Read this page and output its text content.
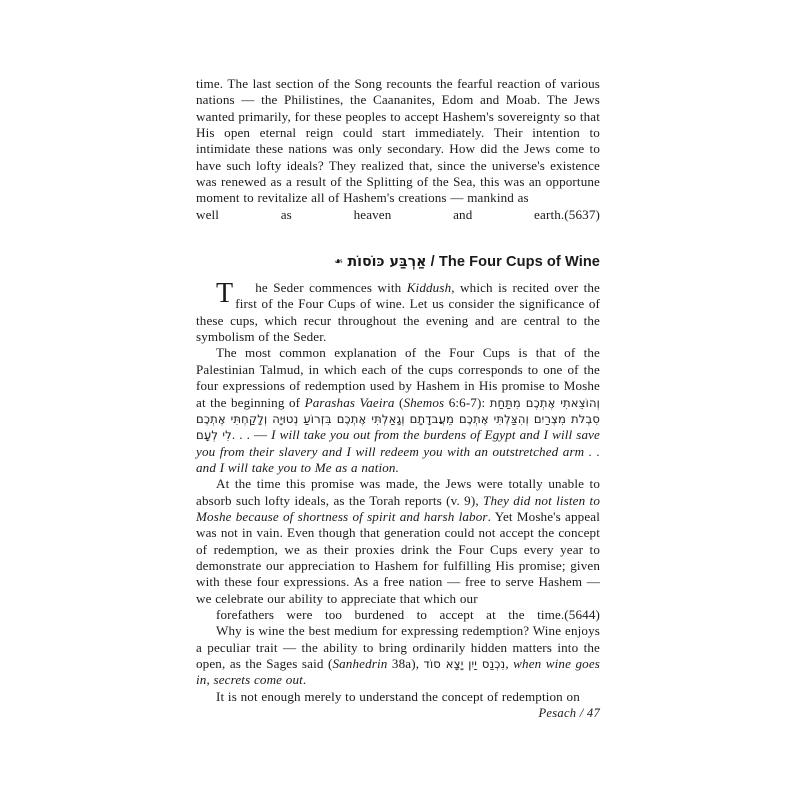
time. The last section of the Song recounts the fearful reaction of various nations — the Philistines, the Caananites, Edom and Moab. The Jews wanted primarily, for these peoples to accept Hashem's sovereignty so that His open eternal reign could start immediately. Their intention to intimidate these nations was only secondary. How did the Jews come to have such lofty ideals? They realized that, since the universe's existence was renewed as a result of the Splitting of the Sea, this was an opportune moment to revitalize all of Hashem's creations — mankind as
well as heaven and earth.(5637)

❧ אַרְבַּע כּוֹסוֹת / The Four Cups of Wine

T he Seder commences with Kiddush, which is recited over the first of the Four Cups of wine. Let us consider the significance of these cups, which recur throughout the evening and are central to the symbolism of the Seder.

The most common explanation of the Four Cups is that of the Palestinian Talmud, in which each of the cups corresponds to one of the four expressions of redemption used by Hashem in His promise to Moshe at the beginning of Parashas Vaeira (Shemos 6:6-7): וְהוֹצֵאתִי אֶתְכֶם מִתַּחַת סִבְלת מִצְרַיִם וְהִצַּלְתִּי אֶתְכֶם מֵעֲבדָתָם וְגָאַלְתִּי אֶתְכֶם בִּזְרוֹעַ נְטוּיָה וְלָקַחְתִּי אֶתְכֶם לִי לְעָם. . . — I will take you out from the burdens of Egypt and I will save you from their slavery and I will redeem you with an outstretched arm . . and I will take you to Me as a nation.

At the time this promise was made, the Jews were totally unable to absorb such lofty ideals, as the Torah reports (v. 9), They did not listen to Moshe because of shortness of spirit and harsh labor. Yet Moshe's appeal was not in vain. Even though that generation could not accept the concept of redemption, we as their proxies drink the Four Cups every year to demonstrate our appreciation to Hashem for fulfilling His promise; given with these four expressions. As a free nation — free to serve Hashem — we celebrate our ability to appreciate that which our
forefathers were too burdened to accept at the time.(5644)

Why is wine the best medium for expressing redemption? Wine enjoys a peculiar trait — the ability to bring ordinarily hidden matters into the open, as the Sages said (Sanhedrin 38a), נִכְנַס יַיִן יָצָא סוֹד, when wine goes in, secrets come out.

It is not enough merely to understand the concept of redemption on

Pesach / 47
